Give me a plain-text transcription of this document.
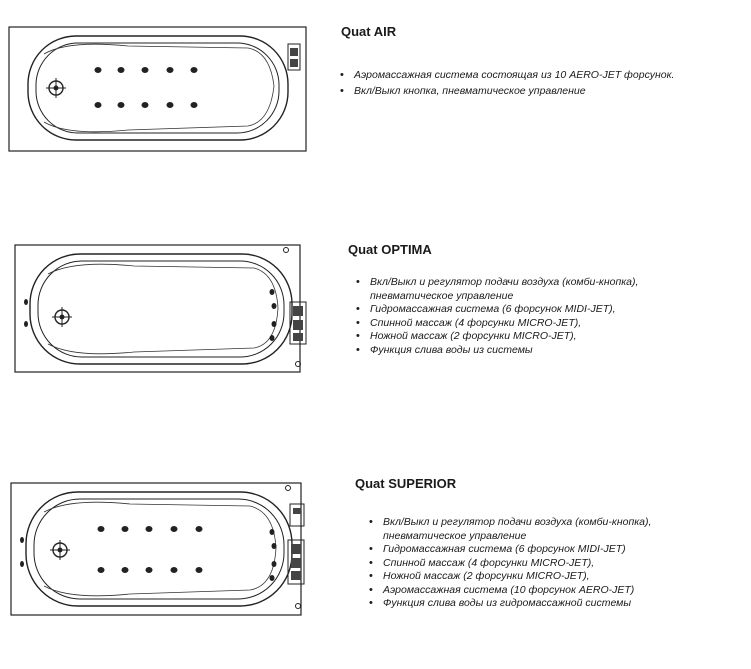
Quat AIR
• Аэромассажная система состоящая из 10 AERO-JET форсунок.
• Вкл/Выкл кнопка, пневматическое управление
Quat OPTIMA
• Вкл/Выкл и регулятор подачи воздуха (комби-кнопка), пневматическое управление
• Гидромассажная система (6 форсунок MIDI-JET),
• Спинной массаж (4 форсунки MICRO-JET),
• Ножной массаж (2 форсунки MICRO-JET),
• Функция слива воды из системы
Quat SUPERIOR
• Вкл/Выкл и регулятор подачи воздуха (комби-кнопка), пневматическое управление
• Гидромассажная система (6 форсунок MIDI-JET)
• Спинной массаж (4 форсунки MICRO-JET),
• Ножной массаж (2 форсунки MICRO-JET),
• Аэромассажная система (10 форсунок AERO-JET)
• Функция слива воды из гидромассажной системы
